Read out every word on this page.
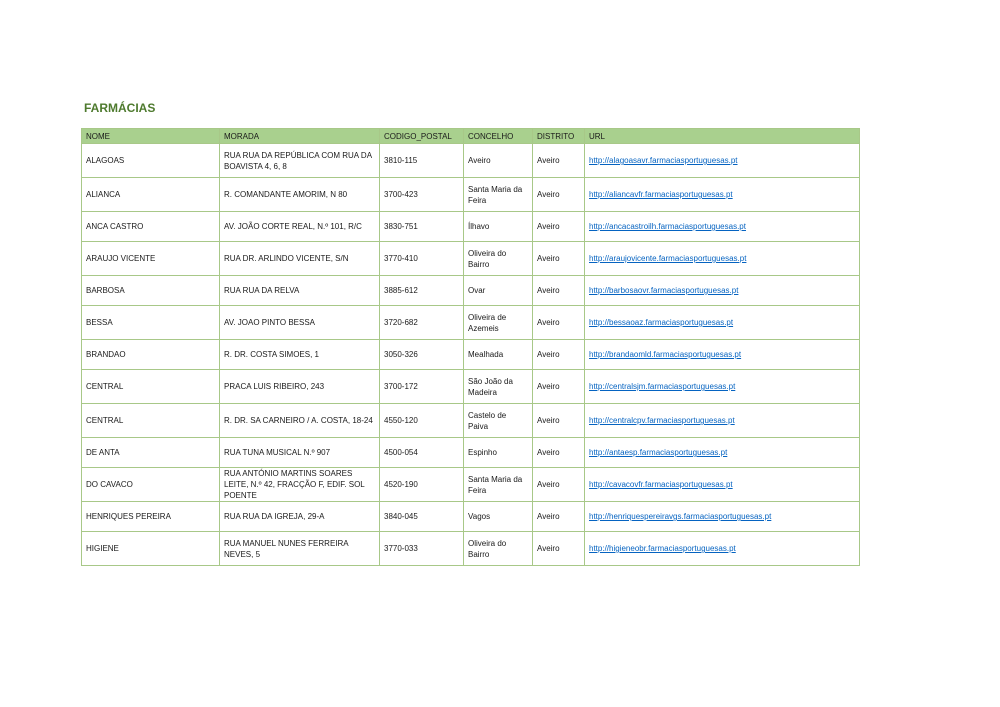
FARMÁCIAS
NOME	MORADA	CODIGO_POSTAL	CONCELHO	DISTRITO	URL
ALAGOAS	RUA RUA DA REPÚBLICA COM RUA DA BOAVISTA 4, 6, 8	3810-115	Aveiro	Aveiro	http://alagoasavr.farmaciasportuguesas.pt
ALIANCA	R. COMANDANTE AMORIM, N 80	3700-423	Santa Maria da Feira	Aveiro	http://aliancavfr.farmaciasportuguesas.pt
ANCA CASTRO	AV. JOÃO CORTE REAL, N.º 101, R/C	3830-751	Ílhavo	Aveiro	http://ancacastroilh.farmaciasportuguesas.pt
ARAUJO VICENTE	RUA DR. ARLINDO VICENTE, S/N	3770-410	Oliveira do Bairro	Aveiro	http://araujovicente.farmaciasportuguesas.pt
BARBOSA	RUA RUA DA RELVA	3885-612	Ovar	Aveiro	http://barbosaovr.farmaciasportuguesas.pt
BESSA	AV. JOAO PINTO BESSA	3720-682	Oliveira de Azemeis	Aveiro	http://bessaoaz.farmaciasportuguesas.pt
BRANDAO	R. DR. COSTA SIMOES, 1	3050-326	Mealhada	Aveiro	http://brandaomld.farmaciasportuguesas.pt
CENTRAL	PRACA LUIS RIBEIRO, 243	3700-172	São João da Madeira	Aveiro	http://centralsjm.farmaciasportuguesas.pt
CENTRAL	R. DR. SA CARNEIRO / A. COSTA, 18-24	4550-120	Castelo de Paiva	Aveiro	http://centralcpv.farmaciasportuguesas.pt
DE ANTA	RUA TUNA MUSICAL N.º 907	4500-054	Espinho	Aveiro	http://antaesp.farmaciasportuguesas.pt
DO CAVACO	RUA ANTÓNIO MARTINS SOARES LEITE, N.º 42, FRACÇÃO F, EDIF. SOL POENTE	4520-190	Santa Maria da Feira	Aveiro	http://cavacovfr.farmaciasportuguesas.pt
HENRIQUES PEREIRA	RUA RUA DA IGREJA, 29-A	3840-045	Vagos	Aveiro	http://henriquespereiravgs.farmaciasportuguesas.pt
HIGIENE	RUA MANUEL NUNES FERREIRA NEVES, 5	3770-033	Oliveira do Bairro	Aveiro	http://higieneobr.farmaciasportuguesas.pt
